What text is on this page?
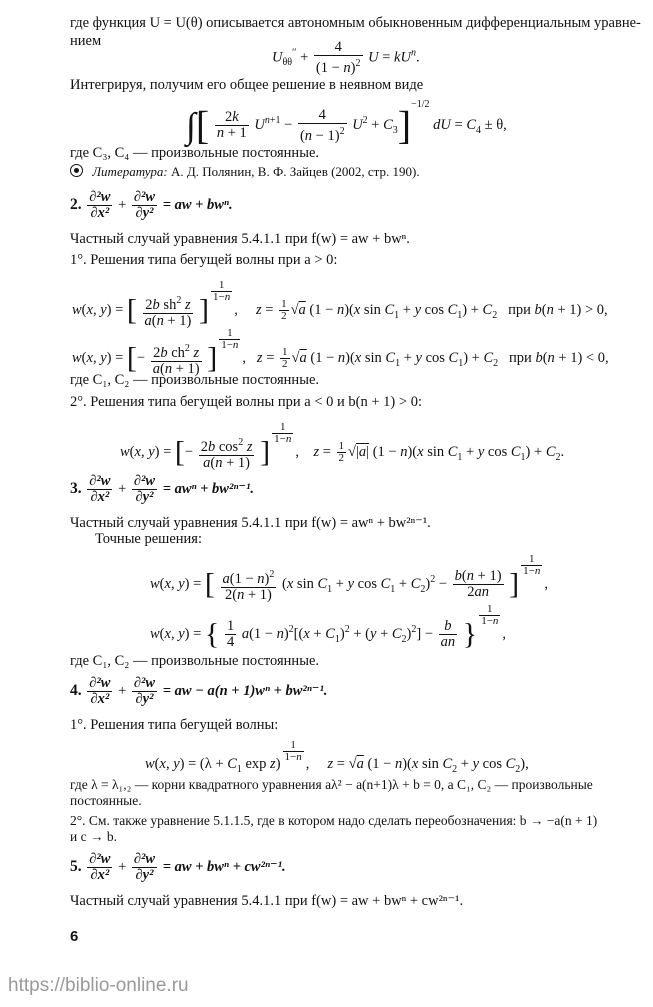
где функция U = U(θ) описывается автономным обыкновенным дифференциальным уравне-
нием
$U_{\theta\theta}'' + \frac{4}{(1 - n)^2}$ $U = kU^n$.
Интегрируя, получим его общее решение в неявном виде
∫[ $\frac{2k}{n + 1} U^{n+1} - \frac{4}{(n - 1)^2} U^2 + C_3]^{-1/2}$ dU = $C_4 \pm \theta$,
где C₃, C₄ — произвольные постоянные.
Литература: А. Д. Полянин, В. Ф. Зайцев (2002, стр. 190).
2. $\frac{\text{∂²w}}{\text{∂x²}} + \frac{\text{∂²w}}{\text{∂y²}}$ = aw + bwⁿ.
Частный случай уравнения 5.4.1.1 при f(w) = aw + bwⁿ.
1°. Решения типа бегущей волны при a > 0:
w(x, y) = [ $\frac{2b sh^2 z}{a(n + 1)}$ ]
$\frac{1}{1-n}$
,     $z = \frac{1}{2} √a$ (1 − n)(x $\sin C_1 + y$ $\cos C_1) + C_2$   при b(n + 1) > 0,
w(x, y) = [− $\frac{2b ch^2 z}{a(n + 1)}$ ]
$\frac{1}{1-n}$
,   $z = \frac{1}{2} √a$ (1 − n)(x $\sin C_1 + y$ $\cos C_1) + C_2$   при b(n + 1) < 0,
где C₁, C₂ — произвольные постоянные.
2°. Решения типа бегущей волны при a < 0 и b(n + 1) > 0:
w(x, y) = [− $\frac{2b \cos^2 z}{a(n + 1)}$ ]
$\frac{1}{1-n}$
,    $z = \frac{1}{2} √|a|$ (1 − n)(x $\sin C_1 + y$ $\cos C_1) + C_2$.
3. $\frac{\text{∂²w}}{\text{∂x²}} + \frac{\text{∂²w}}{\text{∂y²}} = aw^n + bw^{2n-1}$.
Частный случай уравнения 5.4.1.1 при f(w) = awⁿ + bw²ⁿ⁻¹.
Точные решения:
w(x, y) = [ $\frac{a(1 - n)^2}{2(n + 1)} (x$ $\sin C_1 + y$ $\cos C_1 + C_2)^2 - \frac{b(n + 1)}{2an}$ ]
$\frac{1}{1-n}$
,
w(x, y) = { $\frac{1}{4} a(1 - n)^2[(x + C_1)^2 + (y + C_2)^2] - \frac{b}{an}$ }
$\frac{1}{1-n}$
,
где C₁, C₂ — произвольные постоянные.
4. $\frac{\text{∂²w}}{\text{∂x²}} + \frac{\text{∂²w}}{\text{∂y²}}$ = aw − a(n + 1)wⁿ + bw²ⁿ⁻¹.
1°. Решения типа бегущей волны:
w(x, $y) = (\lambda + C_1$ exp z)
$\frac{1}{1-n}$
,     z = √a (1 − n)(x $\sin C_2 + y$ $\cos C_2$),
где λ = λ₁,₂ — корни квадратного уравнения aλ² − a(n+1)λ + b = 0, а C₁, C₂ — произвольные
постоянные.
2°. См. также уравнение 5.1.1.5, где в котором надо сделать переобозначения: b → −a(n + 1)
и c → b.
5. $\frac{\text{∂²w}}{\text{∂x²}} + \frac{\text{∂²w}}{\text{∂y²}}$ = aw + bwⁿ + cw²ⁿ⁻¹.
Частный случай уравнения 5.4.1.1 при f(w) = aw + bwⁿ + cw²ⁿ⁻¹.
6
https://biblio-online.ru
